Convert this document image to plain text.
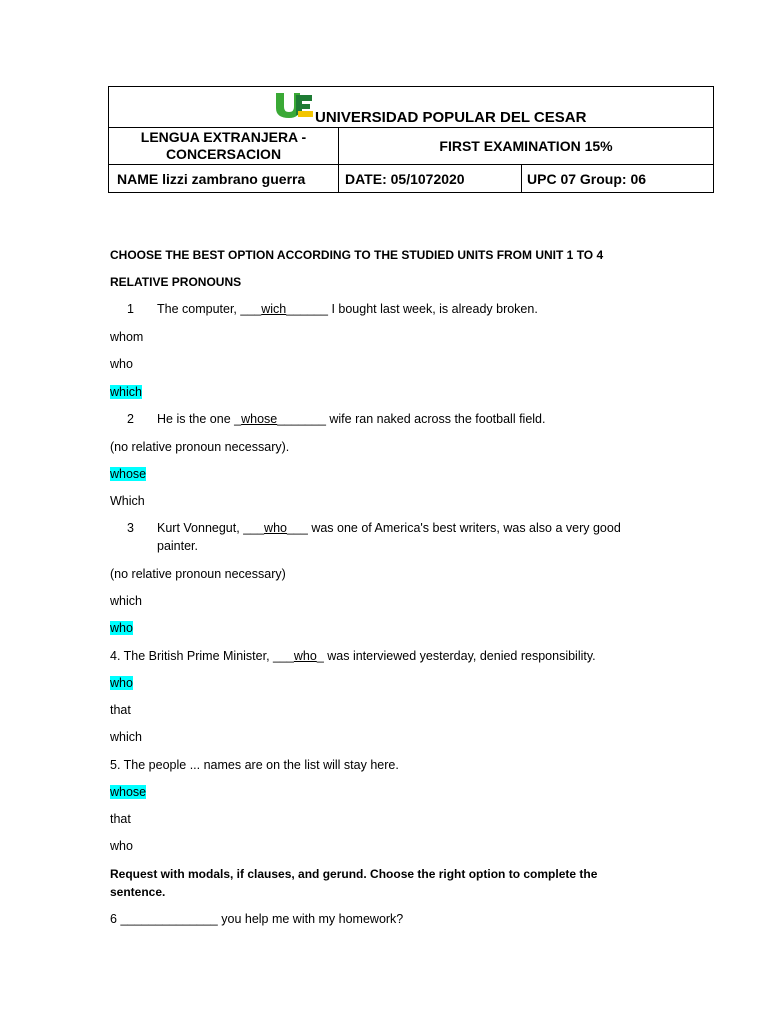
UNIVERSIDAD POPULAR DEL CESAR		

LENGUA EXTRANJERA -
CONCERSACION	FIRST EXAMINATION 15%	
NAME lizzi zambrano guerra	DATE: 05/1072020	UPC 07 Group: 06
CHOOSE THE BEST OPTION ACCORDING TO THE STUDIED UNITS FROM UNIT 1 TO 4
RELATIVE PRONOUNS
1 The computer, ___wich______ I bought last week, is already broken.
whom
who
which
2 He is the one _whose_______ wife ran naked across the football field.
(no relative pronoun necessary).
whose
Which
3 Kurt Vonnegut, ___who___ was one of America's best writers, was also a very good
painter.
(no relative pronoun necessary)
which
who
4. The British Prime Minister, ___who_ was interviewed yesterday, denied responsibility.
who
that
which
5. The people ... names are on the list will stay here.
whose
that
who
Request with modals, if clauses, and gerund. Choose the right option to complete the
sentence.
6 ______________ you help me with my homework?
